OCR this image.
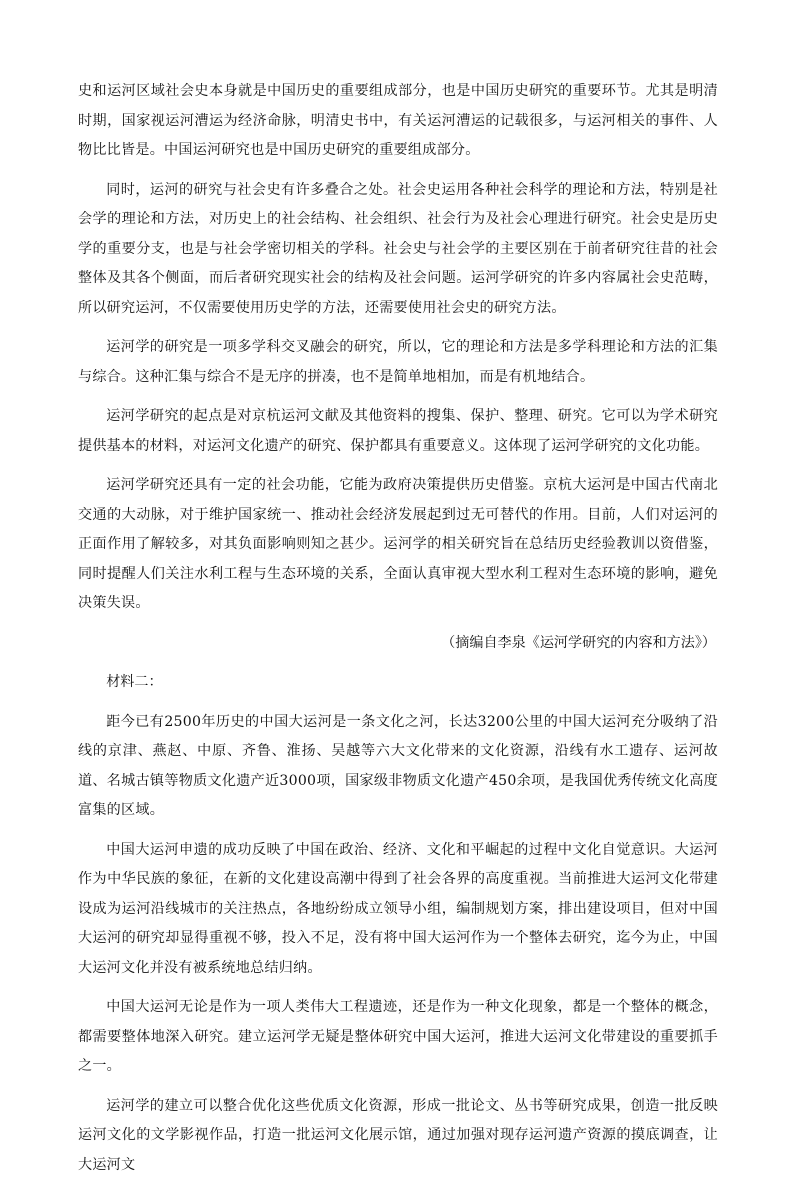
史和运河区域社会史本身就是中国历史的重要组成部分，也是中国历史研究的重要环节。尤其是明清时期，国家视运河漕运为经济命脉，明清史书中，有关运河漕运的记载很多，与运河相关的事件、人物比比皆是。中国运河研究也是中国历史研究的重要组成部分。

同时，运河的研究与社会史有许多叠合之处。社会史运用各种社会科学的理论和方法，特别是社会学的理论和方法，对历史上的社会结构、社会组织、社会行为及社会心理进行研究。社会史是历史学的重要分支，也是与社会学密切相关的学科。社会史与社会学的主要区别在于前者研究往昔的社会整体及其各个侧面，而后者研究现实社会的结构及社会问题。运河学研究的许多内容属社会史范畴，所以研究运河，不仅需要使用历史学的方法，还需要使用社会史的研究方法。

运河学的研究是一项多学科交叉融会的研究，所以，它的理论和方法是多学科理论和方法的汇集与综合。这种汇集与综合不是无序的拼凑，也不是简单地相加，而是有机地结合。

运河学研究的起点是对京杭运河文献及其他资料的搜集、保护、整理、研究。它可以为学术研究提供基本的材料，对运河文化遗产的研究、保护都具有重要意义。这体现了运河学研究的文化功能。

运河学研究还具有一定的社会功能，它能为政府决策提供历史借鉴。京杭大运河是中国古代南北交通的大动脉，对于维护国家统一、推动社会经济发展起到过无可替代的作用。目前，人们对运河的正面作用了解较多，对其负面影响则知之甚少。运河学的相关研究旨在总结历史经验教训以资借鉴，同时提醒人们关注水利工程与生态环境的关系，全面认真审视大型水利工程对生态环境的影响，避免决策失误。

（摘编自李泉《运河学研究的内容和方法》）

材料二：

距今已有2500年历史的中国大运河是一条文化之河，长达3200公里的中国大运河充分吸纳了沿线的京津、燕赵、中原、齐鲁、淮扬、吴越等六大文化带来的文化资源，沿线有水工遗存、运河故道、名城古镇等物质文化遗产近3000项，国家级非物质文化遗产450余项，是我国优秀传统文化高度富集的区域。

中国大运河申遗的成功反映了中国在政治、经济、文化和平崛起的过程中文化自觉意识。大运河作为中华民族的象征，在新的文化建设高潮中得到了社会各界的高度重视。当前推进大运河文化带建设成为运河沿线城市的关注热点，各地纷纷成立领导小组，编制规划方案，排出建设项目，但对中国大运河的研究却显得重视不够，投入不足，没有将中国大运河作为一个整体去研究，迄今为止，中国大运河文化并没有被系统地总结归纳。

中国大运河无论是作为一项人类伟大工程遗迹，还是作为一种文化现象，都是一个整体的概念，都需要整体地深入研究。建立运河学无疑是整体研究中国大运河，推进大运河文化带建设的重要抓手之一。

运河学的建立可以整合优化这些优质文化资源，形成一批论文、丛书等研究成果，创造一批反映运河文化的文学影视作品，打造一批运河文化展示馆，通过加强对现存运河遗产资源的摸底调查，让大运河文
